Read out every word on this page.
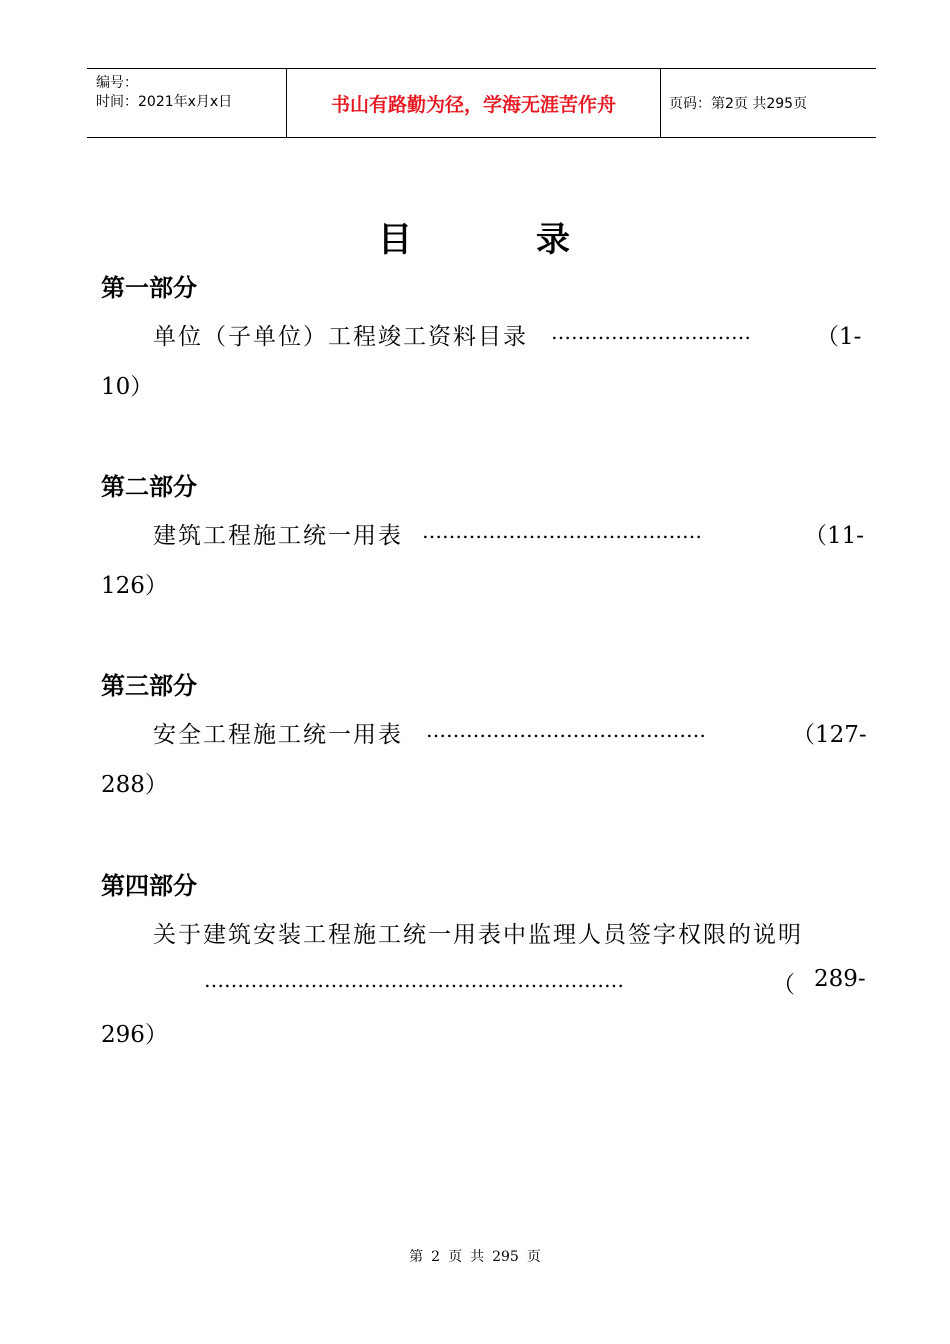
编号：
时间：2021年x月x日	书山有路勤为径，学海无涯苦作舟	页码：第2页 共295页
目	录
第一部分
单位（子单位）工程竣工资料目录 …………………………	（1-
10）
第二部分
建筑工程施工统一用表 ……………………………………	（11-
126）
第三部分
安全工程施工统一用表 ……………………………………	（127-
288）
第四部分
关于建筑安装工程施工统一用表中监理人员签字权限的说明
………………………………………………………	（ 289-
296）
第 2 页 共 295 页
